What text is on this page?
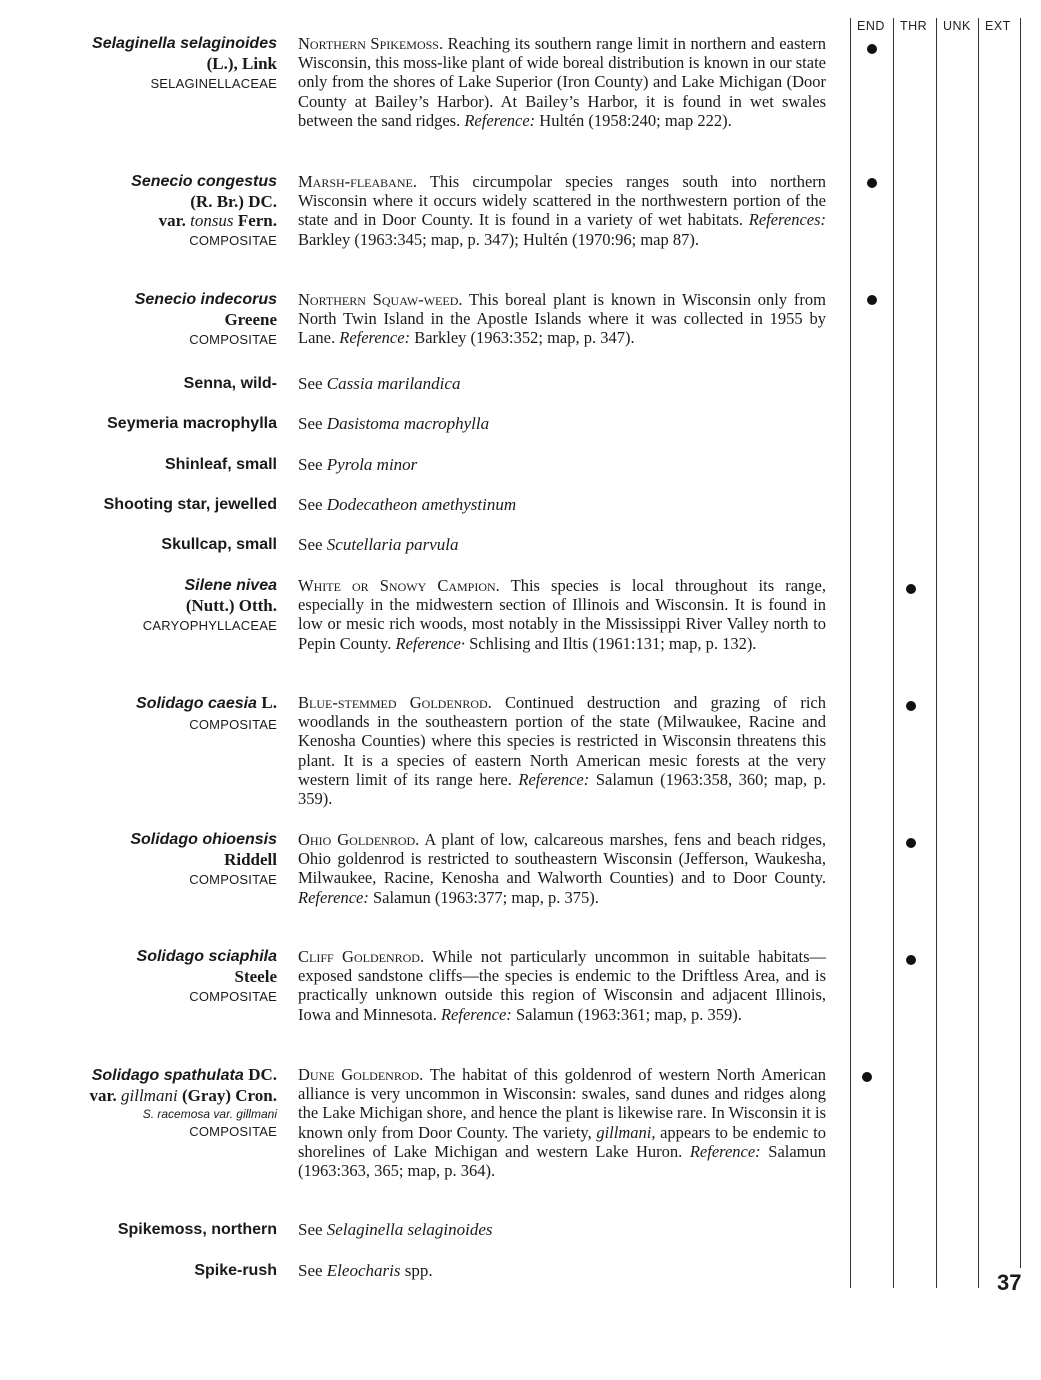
END THR UNK EXT
Selaginella selaginoides
(L.), Link
SELAGINELLACEAE
Northern Spikemoss. Reaching its southern range limit in northern and eastern Wisconsin, this moss-like plant of wide boreal distribution is known in our state only from the shores of Lake Superior (Iron County) and Lake Michigan (Door County at Bailey’s Harbor). At Bailey’s Harbor, it is found in wet swales between the sand ridges. Reference: Hultén (1958:240; map 222).
Senecio congestus
(R. Br.) DC.
var. tonsus Fern.
COMPOSITAE
Marsh-fleabane. This circumpolar species ranges south into northern Wisconsin where it occurs widely scattered in the northwestern portion of the state and in Door County. It is found in a variety of wet habitats. References: Barkley (1963:345; map, p. 347); Hultén (1970:96; map 87).
Senecio indecorus
Greene
COMPOSITAE
Northern Squaw-weed. This boreal plant is known in Wisconsin only from North Twin Island in the Apostle Islands where it was collected in 1955 by Lane. Reference: Barkley (1963:352; map, p. 347).
Senna, wild- See Cassia marilandica
Seymeria macrophylla See Dasistoma macrophylla
Shinleaf, small See Pyrola minor
Shooting star, jewelled See Dodecatheon amethystinum
Skullcap, small See Scutellaria parvula
Silene nivea
(Nutt.) Otth.
CARYOPHYLLACEAE
White or Snowy Campion. This species is local throughout its range, especially in the midwestern section of Illinois and Wisconsin. It is found in low or mesic rich woods, most notably in the Mississippi River Valley north to Pepin County. Reference· Schlising and Iltis (1961:131; map, p. 132).
Solidago caesia L.
COMPOSITAE
Blue-stemmed Goldenrod. Continued destruction and grazing of rich woodlands in the southeastern portion of the state (Milwaukee, Racine and Kenosha Counties) where this species is restricted in Wisconsin threatens this plant. It is a species of eastern North American mesic forests at the very western limit of its range here. Reference: Salamun (1963:358, 360; map, p. 359).
Solidago ohioensis
Riddell
COMPOSITAE
Ohio Goldenrod. A plant of low, calcareous marshes, fens and beach ridges, Ohio goldenrod is restricted to southeastern Wisconsin (Jefferson, Waukesha, Milwaukee, Racine, Kenosha and Walworth Counties) and to Door County. Reference: Salamun (1963:377; map, p. 375).
Solidago sciaphila
Steele
COMPOSITAE
Cliff Goldenrod. While not particularly uncommon in suitable habitats—exposed sandstone cliffs—the species is endemic to the Driftless Area, and is practically unknown outside this region of Wisconsin and adjacent Illinois, Iowa and Minnesota. Reference: Salamun (1963:361; map, p. 359).
Solidago spathulata DC.
var. gillmani (Gray) Cron.
S. racemosa var. gillmani
COMPOSITAE
Dune Goldenrod. The habitat of this goldenrod of western North American alliance is very uncommon in Wisconsin: swales, sand dunes and ridges along the Lake Michigan shore, and hence the plant is likewise rare. In Wisconsin it is known only from Door County. The variety, gillmani, appears to be endemic to shorelines of Lake Michigan and western Lake Huron. Reference: Salamun (1963:363, 365; map, p. 364).
Spikemoss, northern See Selaginella selaginoides
Spike-rush See Eleocharis spp.	37
